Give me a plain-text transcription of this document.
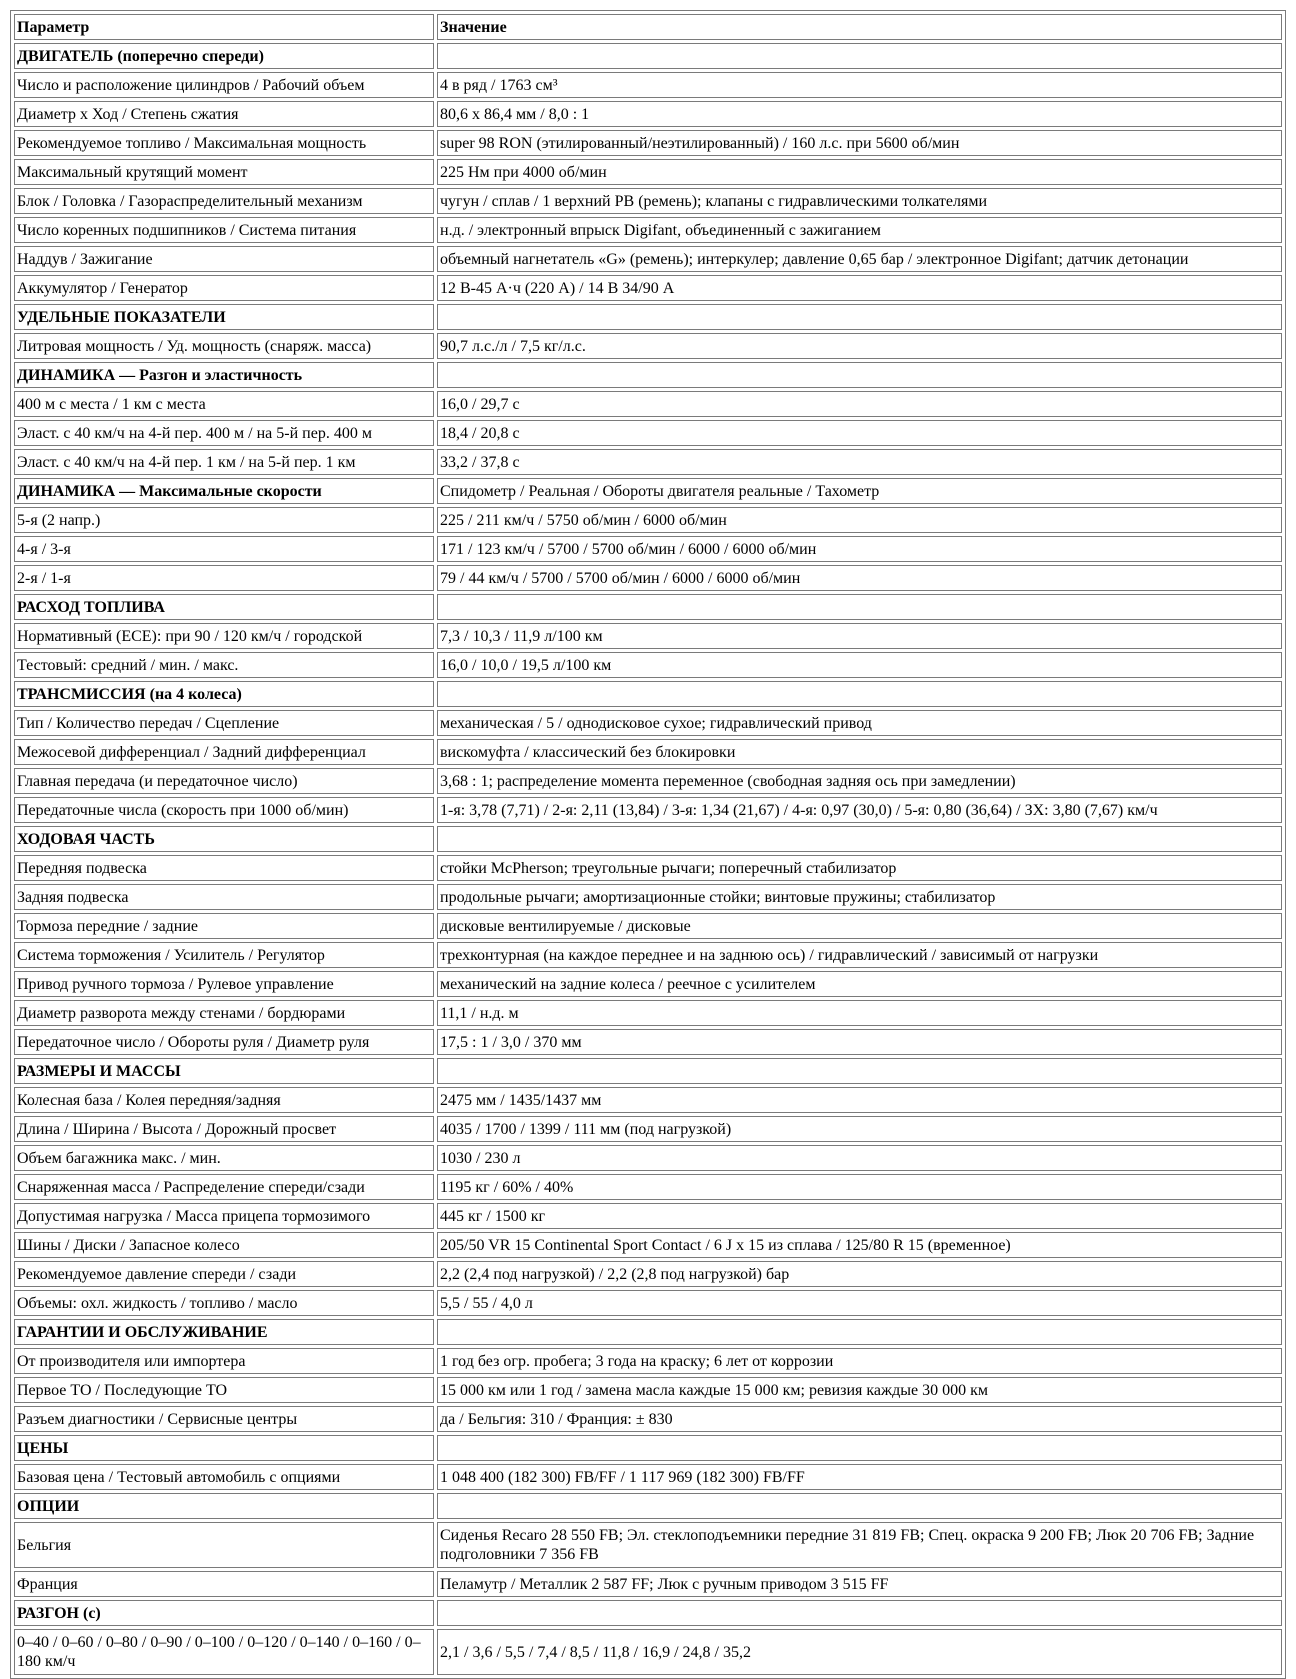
Параметр	Значение
ДВИГАТЕЛЬ (поперечно спереди)	
Число и расположение цилиндров / Рабочий объем	4 в ряд / 1763 см³
Диаметр х Ход / Степень сжатия	80,6 х 86,4 мм / 8,0 : 1
Рекомендуемое топливо / Максимальная мощность	super 98 RON (этилированный/неэтилированный) / 160 л.с. при 5600 об/мин
Максимальный крутящий момент	225 Нм при 4000 об/мин
Блок / Головка / Газораспределительный механизм	чугун / сплав / 1 верхний РВ (ремень); клапаны с гидравлическими толкателями
Число коренных подшипников / Система питания	н.д. / электронный впрыск Digifant, объединенный с зажиганием
Наддув / Зажигание	объемный нагнетатель «G» (ремень); интеркулер; давление 0,65 бар / электронное Digifant; датчик детонации
Аккумулятор / Генератор	12 В-45 А·ч (220 А) / 14 В 34/90 А
УДЕЛЬНЫЕ ПОКАЗАТЕЛИ	
Литровая мощность / Уд. мощность (снаряж. масса)	90,7 л.с./л / 7,5 кг/л.с.
ДИНАМИКА — Разгон и эластичность	
400 м с места / 1 км с места	16,0 / 29,7 с
Эласт. с 40 км/ч на 4-й пер. 400 м / на 5-й пер. 400 м	18,4 / 20,8 с
Эласт. с 40 км/ч на 4-й пер. 1 км / на 5-й пер. 1 км	33,2 / 37,8 с
ДИНАМИКА — Максимальные скорости	Спидометр / Реальная / Обороты двигателя реальные / Тахометр
5-я (2 напр.)	225 / 211 км/ч / 5750 об/мин / 6000 об/мин
4-я / 3-я	171 / 123 км/ч / 5700 / 5700 об/мин / 6000 / 6000 об/мин
2-я / 1-я	79 / 44 км/ч / 5700 / 5700 об/мин / 6000 / 6000 об/мин
РАСХОД ТОПЛИВА	
Нормативный (ECE): при 90 / 120 км/ч / городской	7,3 / 10,3 / 11,9 л/100 км
Тестовый: средний / мин. / макс.	16,0 / 10,0 / 19,5 л/100 км
ТРАНСМИССИЯ (на 4 колеса)	
Тип / Количество передач / Сцепление	механическая / 5 / однодисковое сухое; гидравлический привод
Межосевой дифференциал / Задний дифференциал	вискомуфта / классический без блокировки
Главная передача (и передаточное число)	3,68 : 1; распределение момента переменное (свободная задняя ось при замедлении)
Передаточные числа (скорость при 1000 об/мин)	1-я: 3,78 (7,71) / 2-я: 2,11 (13,84) / 3-я: 1,34 (21,67) / 4-я: 0,97 (30,0) / 5-я: 0,80 (36,64) / ЗХ: 3,80 (7,67) км/ч
ХОДОВАЯ ЧАСТЬ	
Передняя подвеска	стойки McPherson; треугольные рычаги; поперечный стабилизатор
Задняя подвеска	продольные рычаги; амортизационные стойки; винтовые пружины; стабилизатор
Тормоза передние / задние	дисковые вентилируемые / дисковые
Система торможения / Усилитель / Регулятор	трехконтурная (на каждое переднее и на заднюю ось) / гидравлический / зависимый от нагрузки
Привод ручного тормоза / Рулевое управление	механический на задние колеса / реечное с усилителем
Диаметр разворота между стенами / бордюрами	11,1 / н.д. м
Передаточное число / Обороты руля / Диаметр руля	17,5 : 1 / 3,0 / 370 мм
РАЗМЕРЫ И МАССЫ	
Колесная база / Колея передняя/задняя	2475 мм / 1435/1437 мм
Длина / Ширина / Высота / Дорожный просвет	4035 / 1700 / 1399 / 111 мм (под нагрузкой)
Объем багажника макс. / мин.	1030 / 230 л
Снаряженная масса / Распределение спереди/сзади	1195 кг / 60% / 40%
Допустимая нагрузка / Масса прицепа тормозимого	445 кг / 1500 кг
Шины / Диски / Запасное колесо	205/50 VR 15 Continental Sport Contact / 6 J x 15 из сплава / 125/80 R 15 (временное)
Рекомендуемое давление спереди / сзади	2,2 (2,4 под нагрузкой) / 2,2 (2,8 под нагрузкой) бар
Объемы: охл. жидкость / топливо / масло	5,5 / 55 / 4,0 л
ГАРАНТИИ И ОБСЛУЖИВАНИЕ	
От производителя или импортера	1 год без огр. пробега; 3 года на краску; 6 лет от коррозии
Первое ТО / Последующие ТО	15 000 км или 1 год / замена масла каждые 15 000 км; ревизия каждые 30 000 км
Разъем диагностики / Сервисные центры	да / Бельгия: 310 / Франция: ± 830
ЦЕНЫ	
Базовая цена / Тестовый автомобиль с опциями	1 048 400 (182 300) FB/FF / 1 117 969 (182 300) FB/FF
ОПЦИИ	
Бельгия	Сиденья Recaro 28 550 FB; Эл. стеклоподъемники передние 31 819 FB; Спец. окраска 9 200 FB; Люк 20 706 FB; Задние подголовники 7 356 FB
Франция	Пеламутр / Металлик 2 587 FF; Люк с ручным приводом 3 515 FF
РАЗГОН (с)	
0–40 / 0–60 / 0–80 / 0–90 / 0–100 / 0–120 / 0–140 / 0–160 / 0–180 км/ч	2,1 / 3,6 / 5,5 / 7,4 / 8,5 / 11,8 / 16,9 / 24,8 / 35,2
